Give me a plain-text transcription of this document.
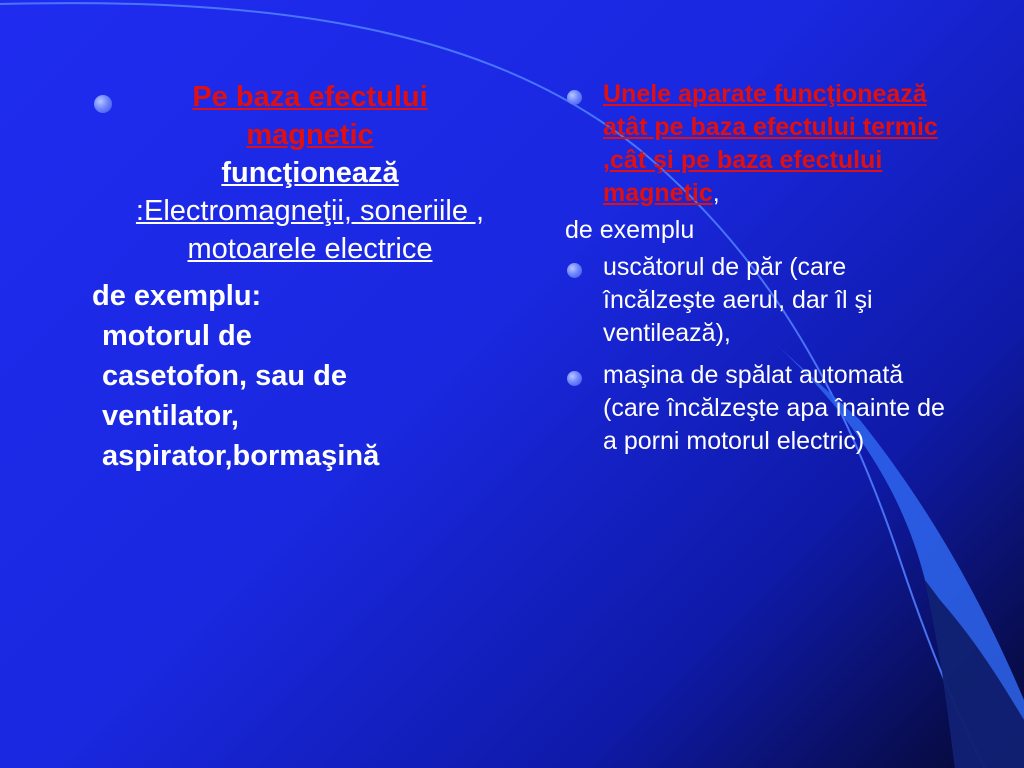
Pe baza efectului magnetic
funcţionează
:Electromagneţii, soneriile , motoarele electrice
de exemplu:
motorul de
casetofon, sau de
ventilator,
aspirator,bormaşină
Unele aparate funcţionează atât pe baza efectului termic ,cât şi pe baza efectului magnetic,
de exemplu
uscătorul de păr (care încălzeşte aerul, dar îl şi ventilează),
maşina de spălat automată (care încălzeşte apa înainte de a porni motorul electric)
